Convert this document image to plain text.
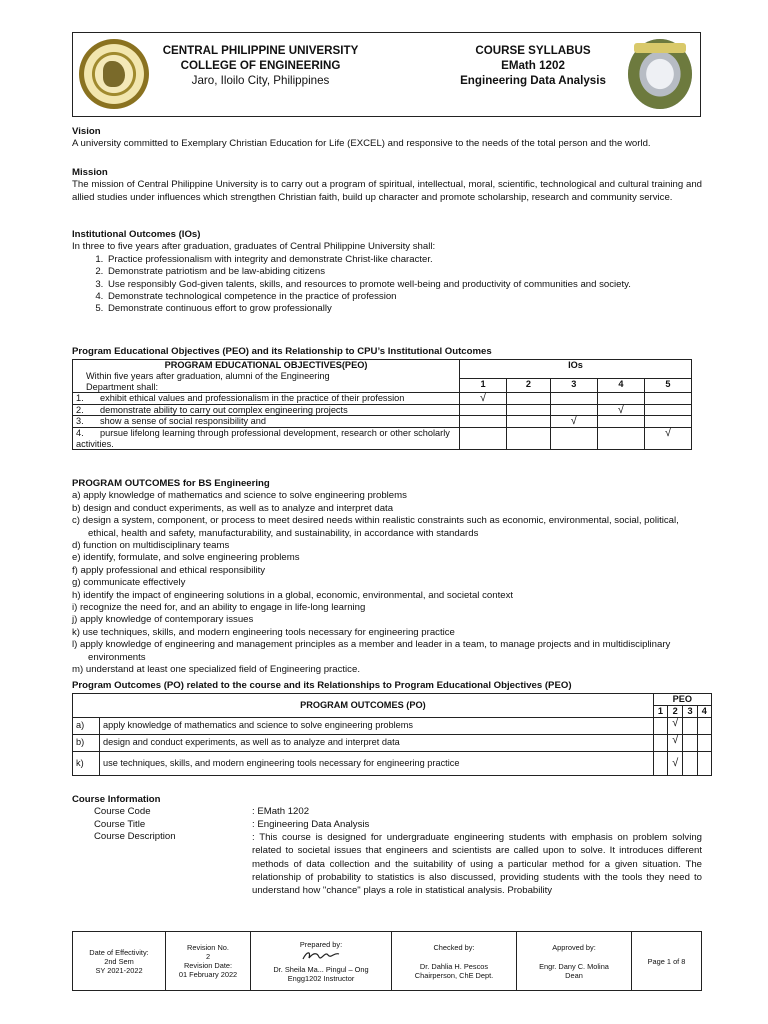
CENTRAL PHILIPPINE UNIVERSITY
COLLEGE OF ENGINEERING
Jaro, Iloilo City, Philippines
COURSE SYLLABUS
EMath 1202
Engineering Data Analysis
Vision
A university committed to Exemplary Christian Education for Life (EXCEL) and responsive to the needs of the total person and the world.
Mission
The mission of Central Philippine University is to carry out a program of spiritual, intellectual, moral, scientific, technological and cultural training and allied studies under influences which strengthen Christian faith, build up character and promote scholarship, research and community service.
Institutional Outcomes (IOs)
In three to five years after graduation, graduates of Central Philippine University shall:
1. Practice professionalism with integrity and demonstrate Christ-like character.
2. Demonstrate patriotism and be law-abiding citizens
3. Use responsibly God-given talents, skills, and resources to promote well-being and productivity of communities and society.
4. Demonstrate technological competence in the practice of profession
5. Demonstrate continuous effort to grow professionally
Program Educational Objectives (PEO) and its Relationship to CPU’s Institutional Outcomes
PROGRAM EDUCATIONAL OBJECTIVES(PEO)
Within five years after graduation, alumni of the Engineering Department shall:	IOs				
	1	2	3	4	5
1. exhibit ethical values and professionalism in the practice of their profession	√				
2. demonstrate ability to carry out complex engineering projects				√	
3. show a sense of social responsibility and			√		
4. pursue lifelong learning through professional development, research or other scholarly activities.					√
PROGRAM OUTCOMES for BS Engineering
a) apply knowledge of mathematics and science to solve engineering problems
b) design and conduct experiments, as well as to analyze and interpret data
c) design a system, component, or process to meet desired needs within realistic constraints such as economic, environmental, social, political, ethical, health and safety, manufacturability, and sustainability, in accordance with standards
d) function on multidisciplinary teams
e) identify, formulate, and solve engineering problems
f) apply professional and ethical responsibility
g) communicate effectively
h) identify the impact of engineering solutions in a global, economic, environmental, and societal context
i) recognize the need for, and an ability to engage in life-long learning
j) apply knowledge of contemporary issues
k) use techniques, skills, and modern engineering tools necessary for engineering practice
l) apply knowledge of engineering and management principles as a member and leader in a team, to manage projects and in multidisciplinary environments
m) understand at least one specialized field of Engineering practice.
Program Outcomes (PO) related to the course and its Relationships to Program Educational Objectives (PEO)
PROGRAM OUTCOMES (PO)		PEO			
		1	2	3	4
a)	apply knowledge of mathematics and science to solve engineering problems		√		
b)	design and conduct experiments, as well as to analyze and interpret data		√		
k)	use techniques, skills, and modern engineering tools necessary for engineering practice		√		
Course Information
Course Code	: EMath 1202
Course Title	: Engineering Data Analysis
Course Description	: This course is designed for undergraduate engineering students with emphasis on problem solving related to societal issues that engineers and scientists are called upon to solve. It introduces different methods of data collection and the suitability of using a particular method for a given situation. The relationship of probability to statistics is also discussed, providing students with the tools they need to understand how "chance" plays a role in statistical analysis. Probability
Date of Effectivity:
2nd Sem
SY 2021-2022

Revision No.
2
Revision Date:
01 February 2022

Prepared by:
Dr. Sheila Ma... Pingul – Ong
Engg1202 Instructor

Checked by:
Dr. Dahlia H. Pescos
Chairperson, ChE Dept.

Approved by:
Engr. Dany C. Molina
Dean

Page 1 of 8
